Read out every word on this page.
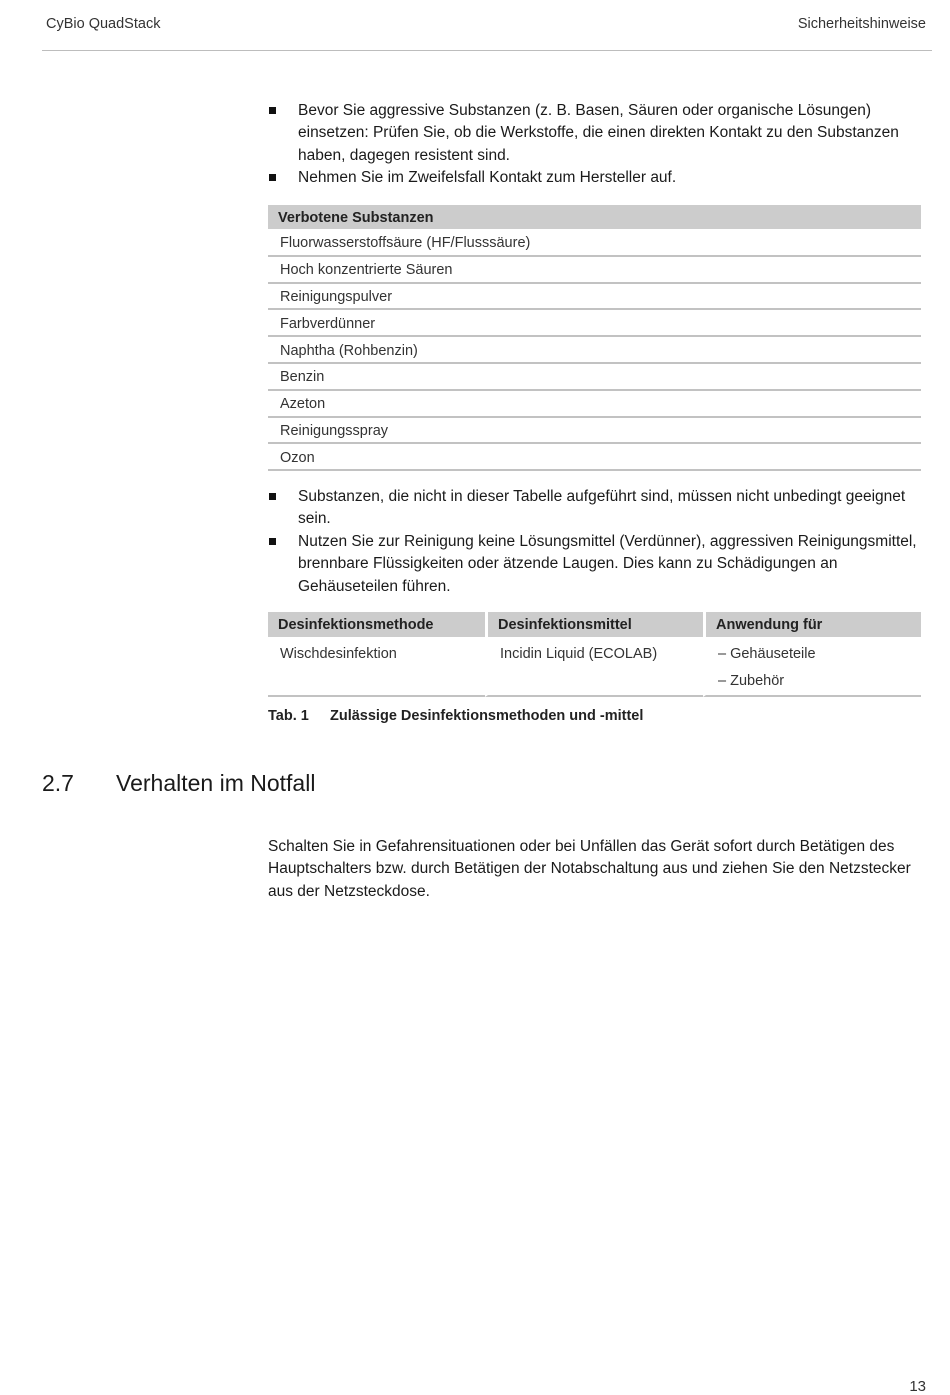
CyBio QuadStack	Sicherheitshinweise
Bevor Sie aggressive Substanzen (z. B. Basen, Säuren oder organische Lösungen) einsetzen: Prüfen Sie, ob die Werkstoffe, die einen direkten Kontakt zu den Substanzen haben, dagegen resistent sind.
Nehmen Sie im Zweifelsfall Kontakt zum Hersteller auf.
Verbotene Substanzen
Fluorwasserstoffsäure (HF/Flusssäure)
Hoch konzentrierte Säuren
Reinigungspulver
Farbverdünner
Naphtha (Rohbenzin)
Benzin
Azeton
Reinigungsspray
Ozon
Substanzen, die nicht in dieser Tabelle aufgeführt sind, müssen nicht unbedingt geeignet sein.
Nutzen Sie zur Reinigung keine Lösungsmittel (Verdünner), aggressiven Reinigungsmittel, brennbare Flüssigkeiten oder ätzende Laugen. Dies kann zu Schädigungen an Gehäuseteilen führen.
Desinfektionsmethode	Desinfektionsmittel	Anwendung für
Wischdesinfektion	Incidin Liquid (ECOLAB)	– Gehäuseteile
– Zubehör
Tab. 1 Zulässige Desinfektionsmethoden und -mittel
2.7 Verhalten im Notfall

Schalten Sie in Gefahrensituationen oder bei Unfällen das Gerät sofort durch Betätigen des Hauptschalters bzw. durch Betätigen der Notabschaltung aus und ziehen Sie den Netzstecker aus der Netzsteckdose.

13
